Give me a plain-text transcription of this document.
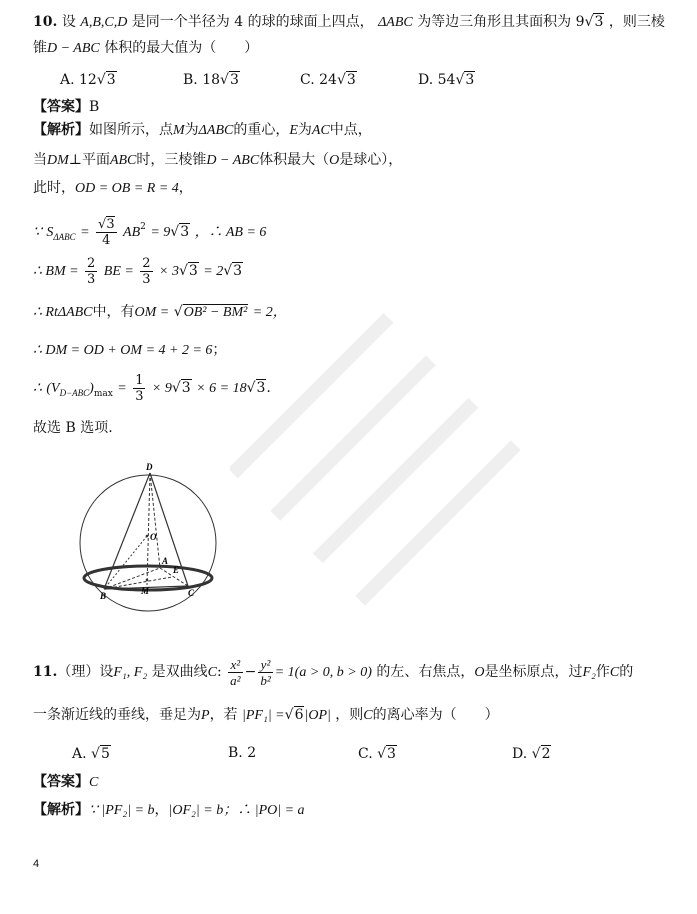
10. 设 A,B,C,D 是同一个半径为 4 的球的球面上四点， ΔABC 为等边三角形且其面积为 9√3 ，则三棱
锥D − ABC 体积的最大值为（　　）
A. 12√3	B. 18√3	C. 24√3	D. 54√3
【答案】B
【解析】如图所示，点M为ΔABC的重心，E为AC中点，
当DM⊥平面ABC时，三棱锥D − ABC体积最大（O是球心），
此时，OD = OB = R = 4，
∵ $S_{\Delta ABC} = \frac{√3}{4} AB^2 = 9√3$ ，∴ AB = 6
∴ BM = $\frac{2}{3}$ BE = $\frac{2}{3} \times 3√3 = 2√3$
∴ RtΔABC中，有OM = √OB² − BM² = 2，
∴ DM = OD + OM = 4 + 2 = 6；
∴ $(V_{D-ABC})_{max} = \frac{1}{3} \times 9√3 \times 6 = 18√3$.
故选 B 选项.
D
O
A
E
B	M	C
11.（理）设F₁, F₂ 是双曲线C: $\frac{\text{x²}}{\text{a²}} - \frac{\text{y²}}{\text{b²}} = 1(a > 0$, b > 0) 的左、右焦点，O是坐标原点，过F₂作C的
一条渐近线的垂线，垂足为P，若 |PF₁| =√6|OP| ，则C的离心率为（　　）
A. √5	B. 2	C. √3	D. √2
【答案】C
【解析】∵ |PF₂| = b，|OF₂| = b；∴ |PO| = a
4
